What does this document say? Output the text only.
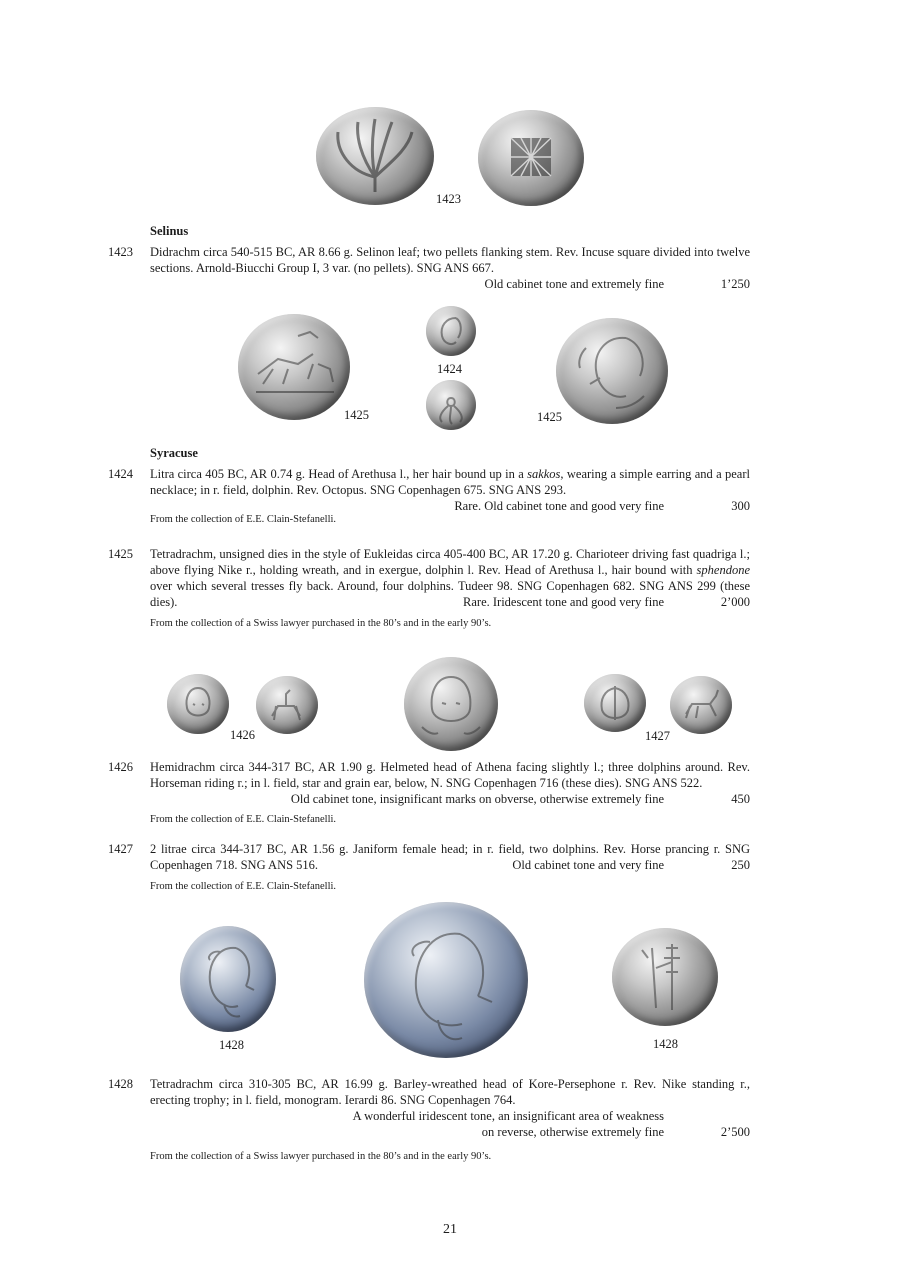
1423
Selinus
1423	Didrachm circa 540-515 BC, AR 8.66 g. Selinon leaf; two pellets flanking stem. Rev. Incuse square divided into twelve sections. Arnold-Biucchi Group I, 3 var. (no pellets). SNG ANS 667.
Old cabinet tone and extremely fine	1’250
1424
1425	1425
Syracuse
1424	Litra circa 405 BC, AR 0.74 g. Head of Arethusa l., her hair bound up in a sakkos, wearing a simple earring and a pearl necklace; in r. field, dolphin. Rev. Octopus. SNG Copenhagen 675. SNG ANS 293.
Rare. Old cabinet tone and good very fine	300
From the collection of E.E. Clain-Stefanelli.
1425	Tetradrachm, unsigned dies in the style of Eukleidas circa 405-400 BC, AR 17.20 g. Charioteer driving fast quadriga l.; above flying Nike r., holding wreath, and in exergue, dolphin l. Rev. Head of Arethusa l., hair bound with sphendone over which several tresses fly back. Around, four dolphins. Tudeer 98. SNG Copenhagen 682. SNG ANS 299 (these dies).	Rare. Iridescent tone and good very fine	2’000
From the collection of a Swiss lawyer purchased in the 80’s and in the early 90’s.
1426	1427
1426	Hemidrachm circa 344-317 BC, AR 1.90 g. Helmeted head of Athena facing slightly l.; three dolphins around. Rev. Horseman riding r.; in l. field, star and grain ear, below, N. SNG Copenhagen 716 (these dies). SNG ANS 522.
Old cabinet tone, insignificant marks on obverse, otherwise extremely fine	450
From the collection of E.E. Clain-Stefanelli.
1427	2 litrae circa 344-317 BC, AR 1.56 g. Janiform female head; in r. field, two dolphins. Rev. Horse prancing r. SNG Copenhagen 718. SNG ANS 516.	Old cabinet tone and very fine	250
From the collection of E.E. Clain-Stefanelli.
1428	1428
1428	Tetradrachm circa 310-305 BC, AR 16.99 g. Barley-wreathed head of Kore-Persephone r. Rev. Nike standing r., erecting trophy; in l. field, monogram. Ierardi 86. SNG Copenhagen 764.
A wonderful iridescent tone, an insignificant area of weakness
on reverse, otherwise extremely fine	2’500
From the collection of a Swiss lawyer purchased in the 80’s and in the early 90’s.
21
